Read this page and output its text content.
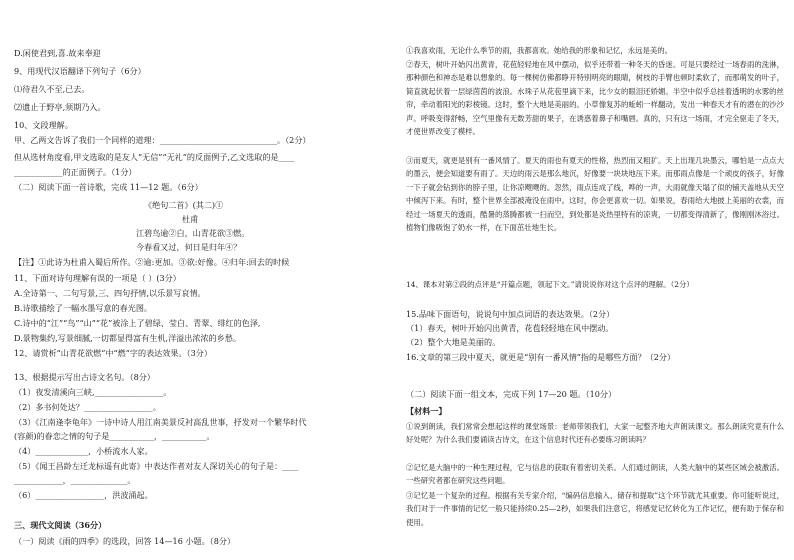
D.闲使君到,喜.故来奉迎
9、用现代汉语翻译下列句子（6分）
⑴待君久不至,已去。
⑵遗止于野亭,须期乃入。
10、文段理解。
甲、乙两文告诉了我们一个同样的道理：_____________________________。（2分）
但从选材角度看,甲文选取的是友人“无信”“无礼”的反面例子,乙文选取的是____
____________的正面例子。（1分）
（二）阅读下面一首诗歌，完成 11—12 题。（6分）
《绝句二首》(其二)①
杜甫
江碧鸟逾②白，山青花欲③燃。
今春看又过，何日是归年④？
【注】①此诗为杜甫入蜀后所作。②逾:更加。③欲:好像。④归年:回去的时候
11、下面对诗句理解有误的一项是（ ）(3分）
A.全诗第一、二句写景,三、四句抒情,以乐景写哀情。
B.诗歌描绘了一幅水墨写意的春光图。
C.诗中的“江”“鸟”“山”“花”被涂上了碧绿、莹白、青翠、绯红的色泽,
D.景物集约,写景细腻,一切都显得富有生机,洋溢出浓浓的乡愁。
12、请赏析“山青花欲燃”中“燃”字的表达效果。（3分）
13、根据提示写出古诗文名句。（8分）
（1）夜发清溪向三峡,_________________。
（2）多书何处达？_________________。
（3）《江南逢李龟年》一诗中诗人用江南美景反衬高乱世事，抒发对一个繁华时代
(容颜)的眷恋之情的句子是___________，___________。
（4）_____________，小桥流水人家。
（5）《闻王昌龄左迁龙标遥有此寄》中表达作者对友人深切关心的句子是：____
____________，______________。
（6）_________________，洪波涌起。
三、现代文阅读（36分）
（一）阅读《雨的四季》的选段，回答 14—16 小题。（8分）
①我喜欢雨，无论什么季节的雨，我都喜欢。她给我的形象和记忆，永远是美的。
②春天，树叶开始闪出黄青，花苞轻轻地在风中摆动，似乎还带着一种冬天的昏迷。可是只要经过一场春雨的洗淋，那种颜色和神态是难以想象的。每一棵树仿佛都睁开特别明亮的眼睛，树枝的手臂也顿时柔软了，而那萌发的叶子，简直就起伏着一层绿茵茵的波浪。水珠子从花苞里滴下来，比少女的眼泪还娇媚。半空中似乎总挂着透明的水雾的丝帘，牵动着阳光的彩棱镜。这时，整个大地是美丽的。小草像复苏的蚯蚓一样翻动，发出一种春天才有的潜在的沙沙声。呼吸变得舒畅，空气里像有无数芳甜的果子，在诱惑着鼻子和嘴唇。真的，只有这一场雨，才完全驱走了冬天，才使世界改变了模样。
③而夏天，就更是别有一番风情了。夏天的雨也有夏天的性格，热烈而又粗犷。天上出现几块墨云，哪怕是一点点大的墨云，便会知道要有雨了。天边的雨云是那么地沉，好像要一块块地压下来。而那雨点像是一个顽皮的孩子，好像一下子就会钻到你的脖子里，让你凉飕飕的。忽然，雨点连成了线，哗的一声，大雨就像天塌了似的铺天盖地从天空中倾泻下来。有时，整个世界全部被淹没在雨中。这时，你会更喜欢一切。如果说，春雨给大地披上美丽的衣裳，而经过一场夏天的透雨，酷暑的蒸腾都被一扫而空，到处都是炎热里特有的凉爽，一切都变得清新了，像刚刚沐浴过。植物们像吸饱了奶水一样，在下面茁壮地生长。
14、课本对第②段的点评是“开篇点题，领起下文。”请说说你对这个点评的理解。（2分）
15.品味下面语句，说说句中加点词语的表达效果。（2分）
（1）春天，树叶开始闪出黄青，花苞轻轻地在风中摆动。
（2）整个大地是美丽的。
16.文章的第三段中夏天，就更是“别有一番风情”指的是哪些方面？（2分）
（二）阅读下面一组文本，完成下列 17—20 题。（10分）
【材料一】
①说到朗读，我们常常会想起这样的课堂场景：老师带领我们，大家一起整齐地大声朗读课文。那么朗读究竟有什么好处呢？为什么我们要诵读古诗文，在这个信息时代还有必要练习朗读吗？
②记忆是大脑中的一种生理过程，它与信息的获取有着密切关系。人们通过朗读，人类大脑中的某些区域会被激活。一些研究者都在研究这些问题。
③记忆是一个复杂的过程。根据有关专家介绍，“编码信息输入、储存和提取”这个环节就尤其重要。你可能听说过，我们对于一件事情的记忆一般只能持续0.25—2秒，如果我们注意它，将感觉记忆转化为工作记忆，便有助于保存和使用。
